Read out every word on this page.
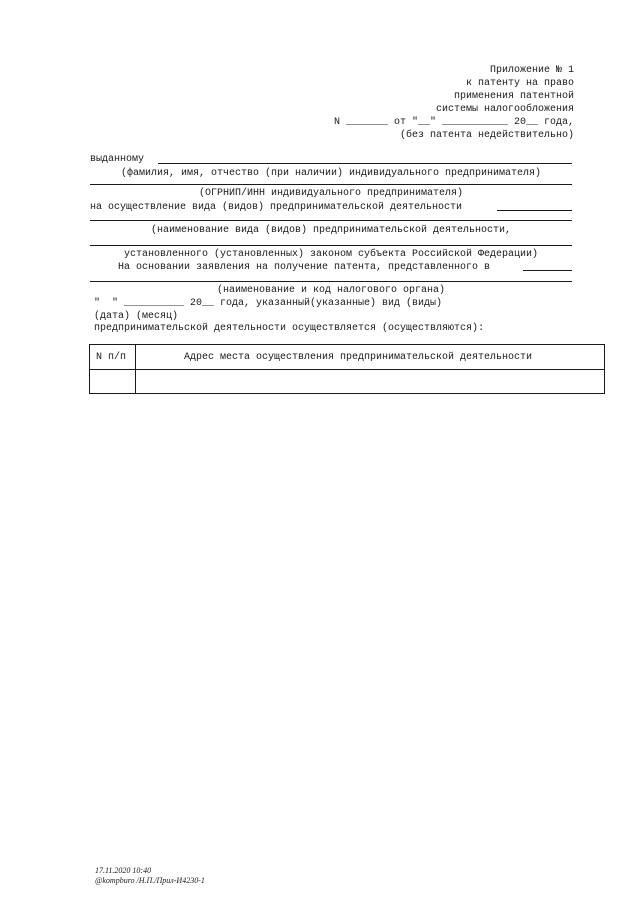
Приложение № 1
к патенту на право
применения патентной
системы налогообложения
N _______ от "__" ___________ 20__ года,
(без патента недействительно)
выданному
(фамилия, имя, отчество (при наличии) индивидуального предпринимателя)
(ОГРНИП/ИНН индивидуального предпринимателя)
на осуществление вида (видов) предпринимательской деятельности
(наименование вида (видов) предпринимательской деятельности,
установленного (установленных) законом субъекта Российской Федерации)
На основании заявления на получение патента, представленного в
(наименование и код налогового органа)
"  " __________ 20__ года, указанный(указанные) вид (виды)
(дата) (месяц)
предпринимательской деятельности осуществляется (осуществляются):
N п/п	Адрес места осуществления предпринимательской деятельности
17.11.2020 10:40
@kompburo /Н.П./Прил-И4230-1
